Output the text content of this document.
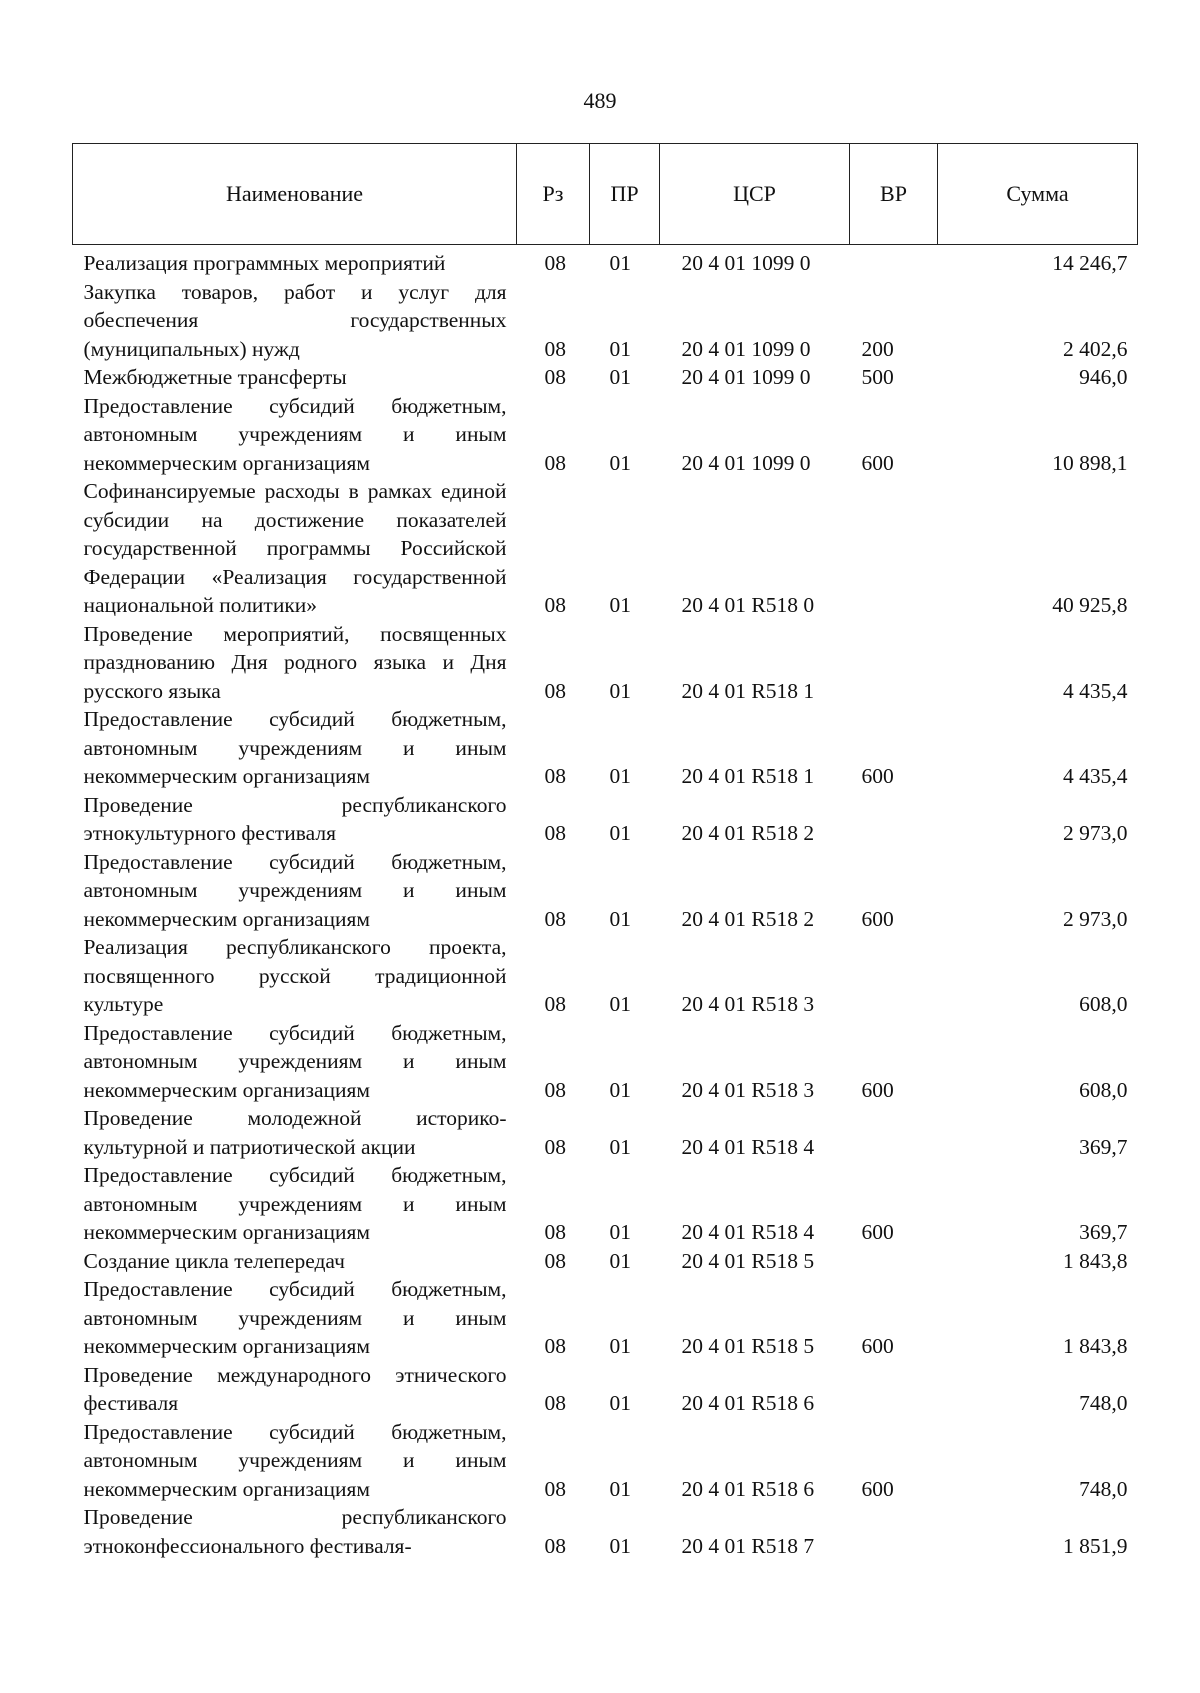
489
Наименование	Рз	ПР	ЦСР	ВР	Сумма
Реализация программных мероприятий	08	01	20 4 01 1099 0		14 246,7
Закупка товаров, работ и услуг для обеспечения государственных (муниципальных) нужд	08	01	20 4 01 1099 0	200	2 402,6
Межбюджетные трансферты	08	01	20 4 01 1099 0	500	946,0
Предоставление субсидий бюджетным, автономным учреждениям и иным некоммерческим организациям	08	01	20 4 01 1099 0	600	10 898,1
Софинансируемые расходы в рамках единой субсидии на достижение показателей государственной программы Российской Федерации «Реализация государственной национальной политики»	08	01	20 4 01 R518 0		40 925,8
Проведение мероприятий, посвященных празднованию Дня родного языка и Дня русского языка	08	01	20 4 01 R518 1		4 435,4
Предоставление субсидий бюджетным, автономным учреждениям и иным некоммерческим организациям	08	01	20 4 01 R518 1	600	4 435,4
Проведение республиканского этнокультурного фестиваля	08	01	20 4 01 R518 2		2 973,0
Предоставление субсидий бюджетным, автономным учреждениям и иным некоммерческим организациям	08	01	20 4 01 R518 2	600	2 973,0
Реализация республиканского проекта, посвященного русской традиционной культуре	08	01	20 4 01 R518 3		608,0
Предоставление субсидий бюджетным, автономным учреждениям и иным некоммерческим организациям	08	01	20 4 01 R518 3	600	608,0
Проведение молодежной историко-культурной и патриотической акции	08	01	20 4 01 R518 4		369,7
Предоставление субсидий бюджетным, автономным учреждениям и иным некоммерческим организациям	08	01	20 4 01 R518 4	600	369,7
Создание цикла телепередач	08	01	20 4 01 R518 5		1 843,8
Предоставление субсидий бюджетным, автономным учреждениям и иным некоммерческим организациям	08	01	20 4 01 R518 5	600	1 843,8
Проведение международного этнического фестиваля	08	01	20 4 01 R518 6		748,0
Предоставление субсидий бюджетным, автономным учреждениям и иным некоммерческим организациям	08	01	20 4 01 R518 6	600	748,0
Проведение республиканского этноконфессионального фестиваля-	08	01	20 4 01 R518 7		1 851,9
